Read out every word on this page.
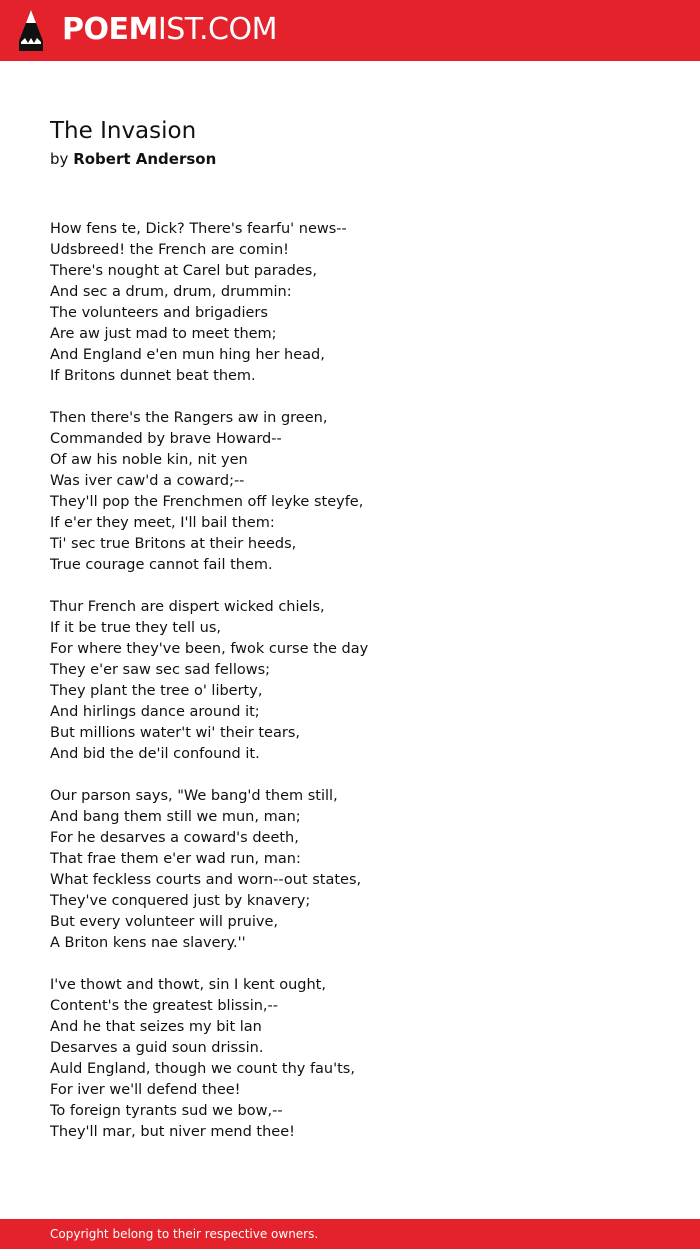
POEMIST.COM
The Invasion
by Robert Anderson
How fens te, Dick? There's fearfu' news--
Udsbreed! the French are comin!
There's nought at Carel but parades,
And sec a drum, drum, drummin:
The volunteers and brigadiers
Are aw just mad to meet them;
And England e'en mun hing her head,
If Britons dunnet beat them.
Then there's the Rangers aw in green,
Commanded by brave Howard--
Of aw his noble kin, nit yen
Was iver caw'd a coward;--
They'll pop the Frenchmen off leyke steyfe,
If e'er they meet, I'll bail them:
Ti' sec true Britons at their heeds,
True courage cannot fail them.
Thur French are dispert wicked chiels,
If it be true they tell us,
For where they've been, fwok curse the day
They e'er saw sec sad fellows;
They plant the tree o' liberty,
And hirlings dance around it;
But millions water't wi' their tears,
And bid the de'il confound it.
Our parson says, "We bang'd them still,
And bang them still we mun, man;
For he desarves a coward's deeth,
That frae them e'er wad run, man:
What feckless courts and worn--out states,
They've conquered just by knavery;
But every volunteer will pruive,
A Briton kens nae slavery.''
I've thowt and thowt, sin I kent ought,
Content's the greatest blissin,--
And he that seizes my bit lan
Desarves a guid soun drissin.
Auld England, though we count thy fau'ts,
For iver we'll defend thee!
To foreign tyrants sud we bow,--
They'll mar, but niver mend thee!
Copyright belong to their respective owners.
